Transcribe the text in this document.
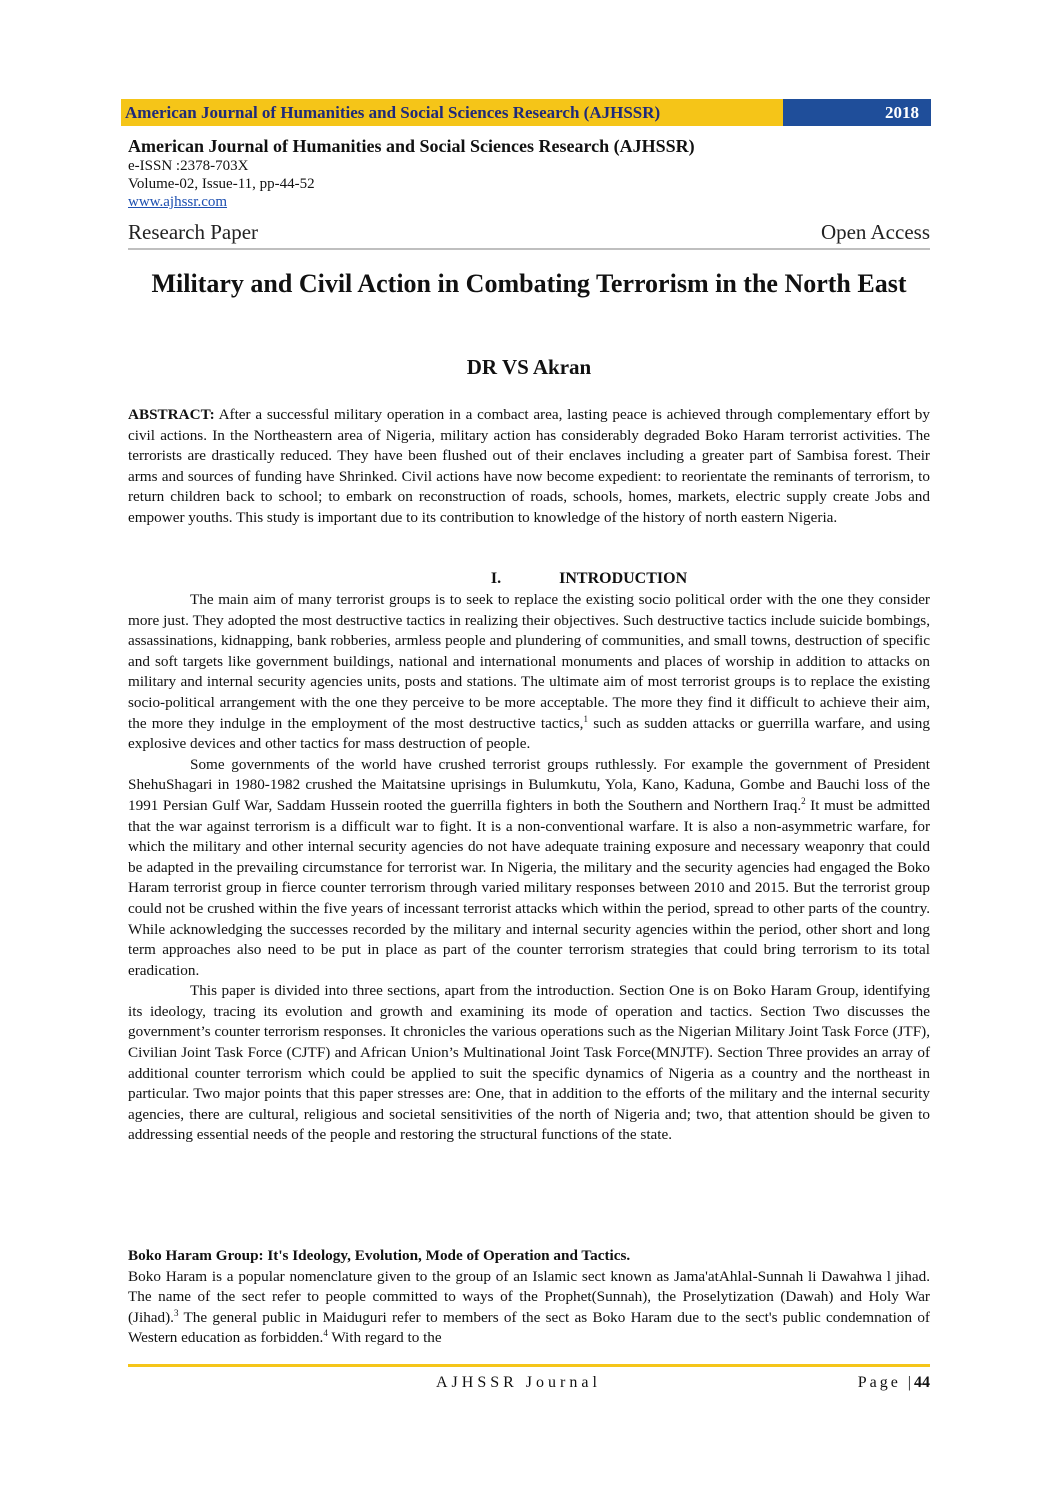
American Journal of Humanities and Social Sciences Research (AJHSSR)	2018
American Journal of Humanities and Social Sciences Research (AJHSSR)
e-ISSN :2378-703X
Volume-02, Issue-11, pp-44-52
www.ajhssr.com
Research Paper	Open Access
Military and Civil Action in Combating Terrorism in the North East
DR VS Akran

ABSTRACT: After a successful military operation in a combact area, lasting peace is achieved through complementary effort by civil actions. In the Northeastern area of Nigeria, military action has considerably degraded Boko Haram terrorist activities. The terrorists are drastically reduced. They have been flushed out of their enclaves including a greater part of Sambisa forest. Their arms and sources of funding have Shrinked. Civil actions have now become expedient: to reorientate the reminants of terrorism, to return children back to school; to embark on reconstruction of roads, schools, homes, markets, electric supply create Jobs and empower youths. This study is important due to its contribution to knowledge of the history of north eastern Nigeria.

I.	INTRODUCTION

The main aim of many terrorist groups is to seek to replace the existing socio political order with the one they consider more just. They adopted the most destructive tactics in realizing their objectives. Such destructive tactics include suicide bombings, assassinations, kidnapping, bank robberies, armless people and plundering of communities, and small towns, destruction of specific and soft targets like government buildings, national and international monuments and places of worship in addition to attacks on military and internal security agencies units, posts and stations. The ultimate aim of most terrorist groups is to replace the existing socio-political arrangement with the one they perceive to be more acceptable. The more they find it difficult to achieve their aim, the more they indulge in the employment of the most destructive tactics,$^1$ such as sudden attacks or guerrilla warfare, and using explosive devices and other tactics for mass destruction of people.

Some governments of the world have crushed terrorist groups ruthlessly. For example the government of President ShehuShagari in 1980-1982 crushed the Maitatsine uprisings in Bulumkutu, Yola, Kano, Kaduna, Gombe and Bauchi loss of the 1991 Persian Gulf War, Saddam Hussein rooted the guerrilla fighters in both the Southern and Northern Iraq.$^2$ It must be admitted that the war against terrorism is a difficult war to fight. It is a non-conventional warfare. It is also a non-asymmetric warfare, for which the military and other internal security agencies do not have adequate training exposure and necessary weaponry that could be adapted in the prevailing circumstance for terrorist war. In Nigeria, the military and the security agencies had engaged the Boko Haram terrorist group in fierce counter terrorism through varied military responses between 2010 and 2015. But the terrorist group could not be crushed within the five years of incessant terrorist attacks which within the period, spread to other parts of the country. While acknowledging the successes recorded by the military and internal security agencies within the period, other short and long term approaches also need to be put in place as part of the counter terrorism strategies that could bring terrorism to its total eradication.

This paper is divided into three sections, apart from the introduction. Section One is on Boko Haram Group, identifying its ideology, tracing its evolution and growth and examining its mode of operation and tactics. Section Two discusses the government’s counter terrorism responses. It chronicles the various operations such as the Nigerian Military Joint Task Force (JTF), Civilian Joint Task Force (CJTF) and African Union’s Multinational Joint Task Force(MNJTF). Section Three provides an array of additional counter terrorism which could be applied to suit the specific dynamics of Nigeria as a country and the northeast in particular. Two major points that this paper stresses are: One, that in addition to the efforts of the military and the internal security agencies, there are cultural, religious and societal sensitivities of the north of Nigeria and; two, that attention should be given to addressing essential needs of the people and restoring the structural functions of the state.

Boko Haram Group: It's Ideology, Evolution, Mode of Operation and Tactics.

Boko Haram is a popular nomenclature given to the group of an Islamic sect known as Jama'atAhlal-Sunnah li Dawahwa l jihad. The name of the sect refer to people committed to ways of the Prophet(Sunnah), the Proselytization (Dawah) and Holy War (Jihad).$^3$ The general public in Maiduguri refer to members of the sect as Boko Haram due to the sect's public condemnation of Western education as forbidden.$^4$ With regard to the

AJHSSR Journal	Page |44
